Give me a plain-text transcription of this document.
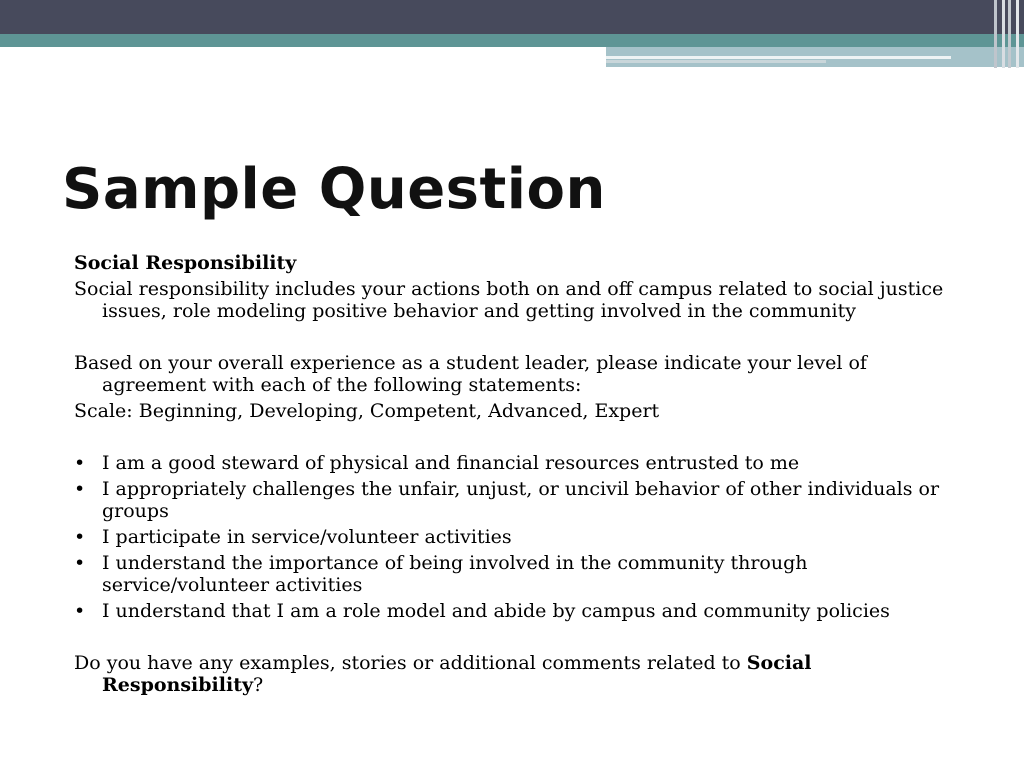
Sample Question

Social Responsibility

Social responsibility includes your actions both on and off campus related to social justice issues, role modeling positive behavior and getting involved in the community

Based on your overall experience as a student leader, please indicate your level of agreement with each of the following statements:

Scale: Beginning, Developing, Competent, Advanced, Expert

• I am a good steward of physical and financial resources entrusted to me
• I appropriately challenges the unfair, unjust, or uncivil behavior of other individuals or groups
• I participate in service/volunteer activities
• I understand the importance of being involved in the community through service/volunteer activities
• I understand that I am a role model and abide by campus and community policies

Do you have any examples, stories or additional comments related to Social Responsibility?
